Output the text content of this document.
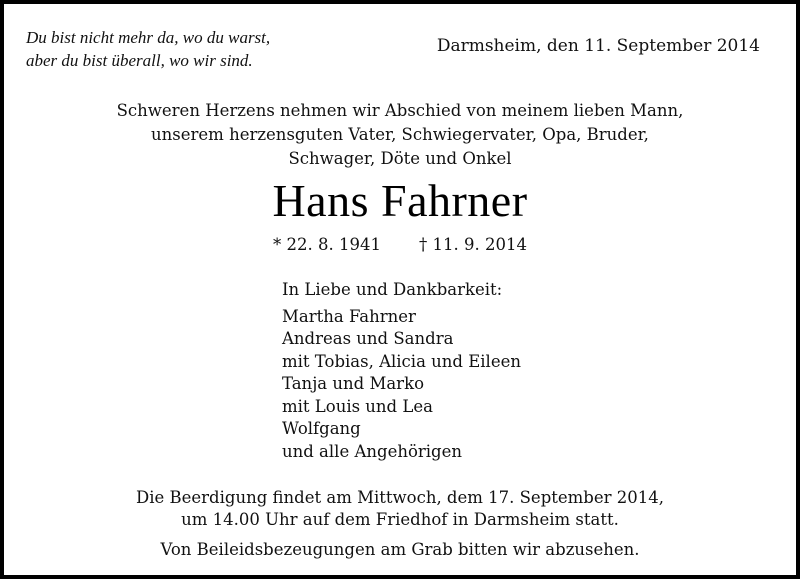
Du bist nicht mehr da, wo du warst,
aber du bist überall, wo wir sind.
Darmsheim, den 11. September 2014
Schweren Herzens nehmen wir Abschied von meinem lieben Mann,
unserem herzensguten Vater, Schwiegervater, Opa, Bruder,
Schwager, Döte und Onkel
Hans Fahrner
* 22. 8. 1941 † 11. 9. 2014
In Liebe und Dankbarkeit:
Martha Fahrner
Andreas und Sandra
mit Tobias, Alicia und Eileen
Tanja und Marko
mit Louis und Lea
Wolfgang
und alle Angehörigen
Die Beerdigung findet am Mittwoch, dem 17. September 2014,
um 14.00 Uhr auf dem Friedhof in Darmsheim statt.
Von Beileidsbezeugungen am Grab bitten wir abzusehen.
